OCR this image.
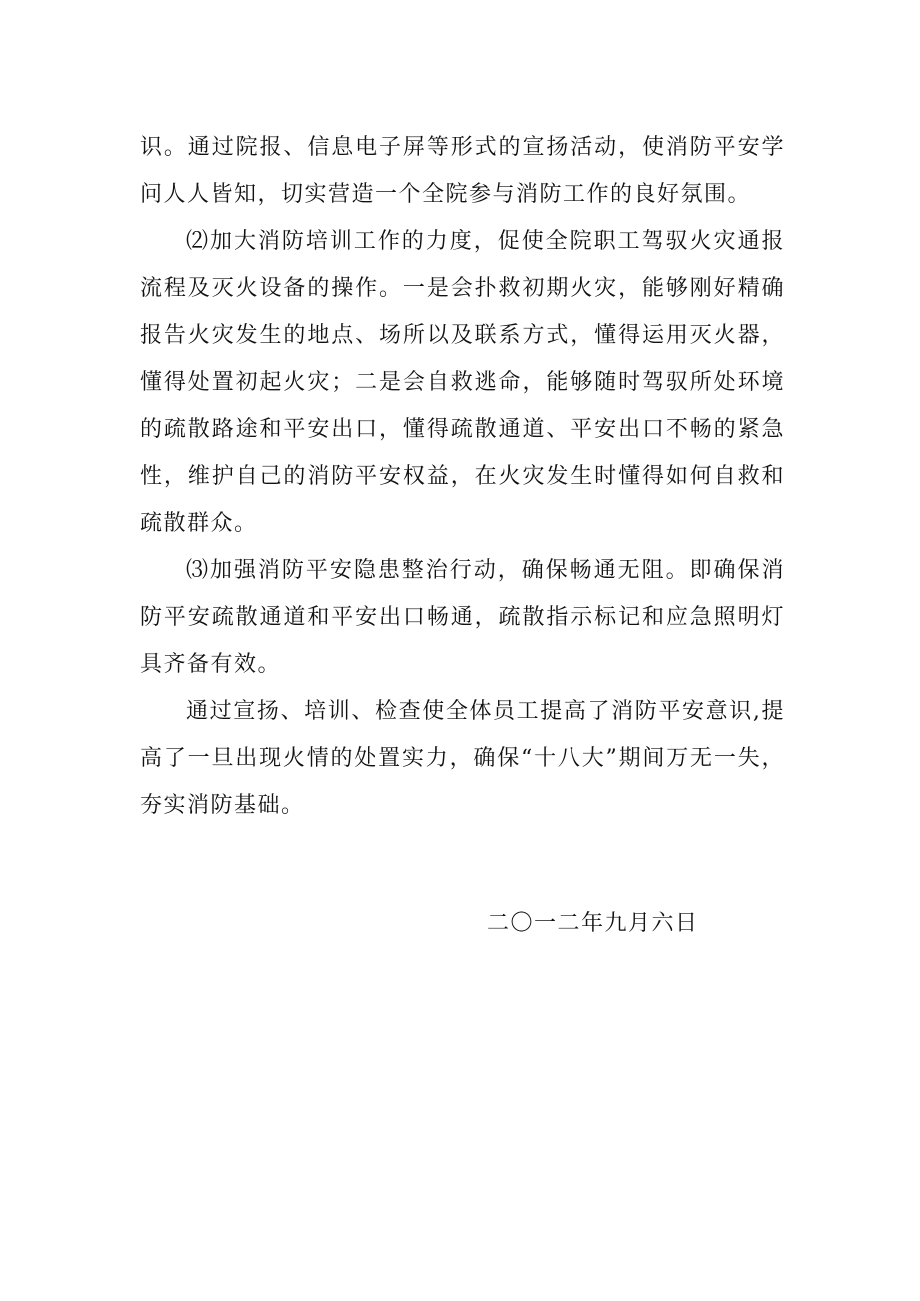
识。通过院报、信息电子屏等形式的宣扬活动，使消防平安学问人人皆知，切实营造一个全院参与消防工作的良好氛围。

⑵加大消防培训工作的力度，促使全院职工驾驭火灾通报流程及灭火设备的操作。一是会扑救初期火灾，能够刚好精确报告火灾发生的地点、场所以及联系方式，懂得运用灭火器，懂得处置初起火灾；二是会自救逃命，能够随时驾驭所处环境的疏散路途和平安出口，懂得疏散通道、平安出口不畅的紧急性，维护自己的消防平安权益，在火灾发生时懂得如何自救和疏散群众。

⑶加强消防平安隐患整治行动，确保畅通无阻。即确保消防平安疏散通道和平安出口畅通，疏散指示标记和应急照明灯具齐备有效。

通过宣扬、培训、检查使全体员工提高了消防平安意识,提高了一旦出现火情的处置实力，确保“十八大”期间万无一失，夯实消防基础。

二〇一二年九月六日
